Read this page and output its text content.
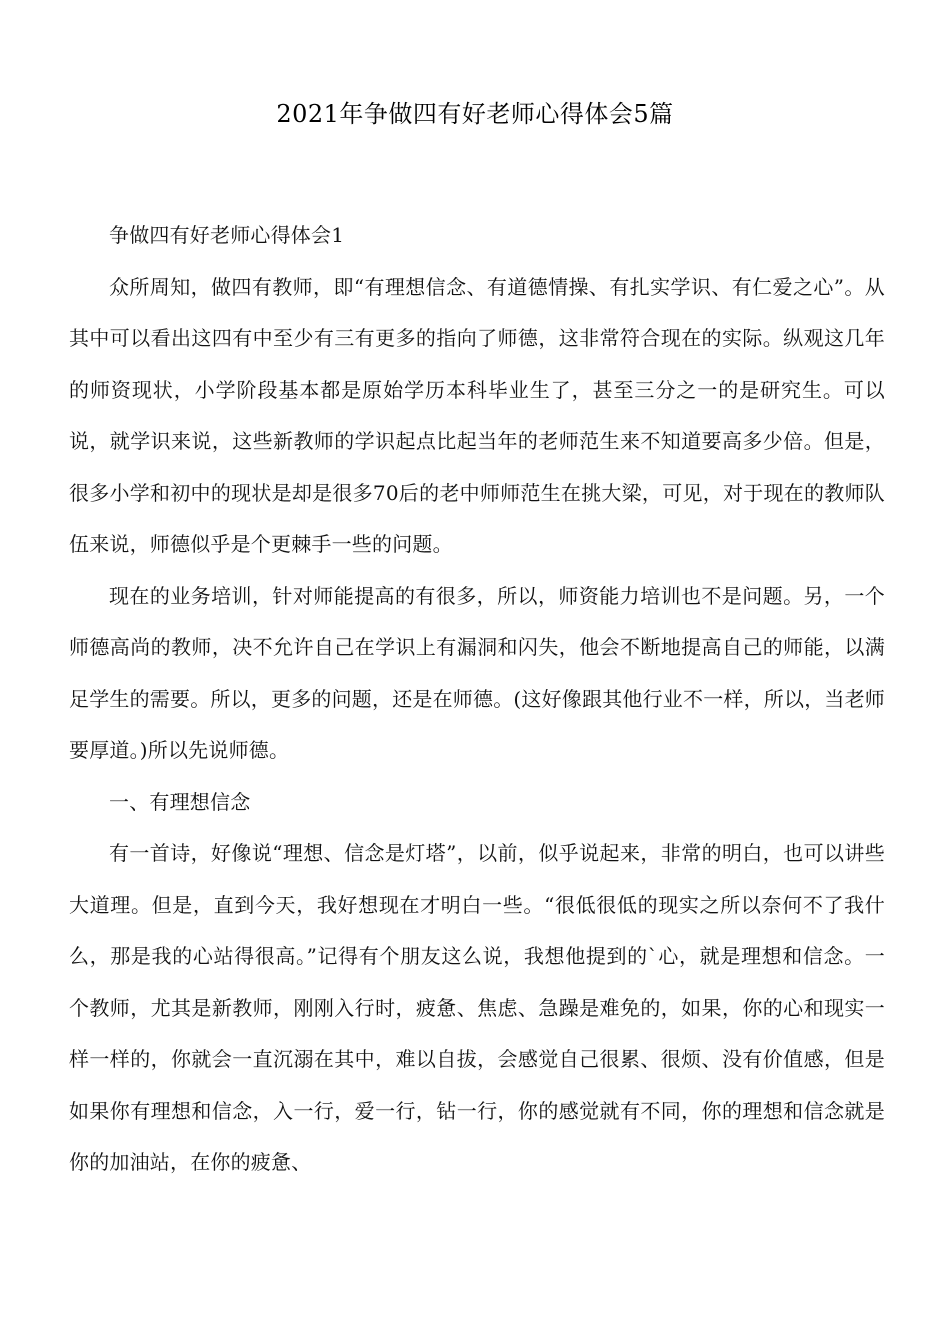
2021年争做四有好老师心得体会5篇

争做四有好老师心得体会1

众所周知，做四有教师，即“有理想信念、有道德情操、有扎实学识、有仁爱之心”。从其中可以看出这四有中至少有三有更多的指向了师德，这非常符合现在的实际。纵观这几年的师资现状，小学阶段基本都是原始学历本科毕业生了，甚至三分之一的是研究生。可以说，就学识来说，这些新教师的学识起点比起当年的老师范生来不知道要高多少倍。但是，很多小学和初中的现状是却是很多70后的老中师师范生在挑大梁，可见，对于现在的教师队伍来说，师德似乎是个更棘手一些的问题。

现在的业务培训，针对师能提高的有很多，所以，师资能力培训也不是问题。另，一个师德高尚的教师，决不允许自己在学识上有漏洞和闪失，他会不断地提高自己的师能，以满足学生的需要。所以，更多的问题，还是在师德。(这好像跟其他行业不一样，所以，当老师要厚道。)所以先说师德。

一、有理想信念

有一首诗，好像说“理想、信念是灯塔”，以前，似乎说起来，非常的明白，也可以讲些大道理。但是，直到今天，我好想现在才明白一些。“很低很低的现实之所以奈何不了我什么，那是我的心站得很高。”记得有个朋友这么说，我想他提到的`心，就是理想和信念。一个教师，尤其是新教师，刚刚入行时，疲惫、焦虑、急躁是难免的，如果，你的心和现实一样一样的，你就会一直沉溺在其中，难以自拔，会感觉自己很累、很烦、没有价值感，但是如果你有理想和信念，入一行，爱一行，钻一行，你的感觉就有不同，你的理想和信念就是你的加油站，在你的疲惫、
